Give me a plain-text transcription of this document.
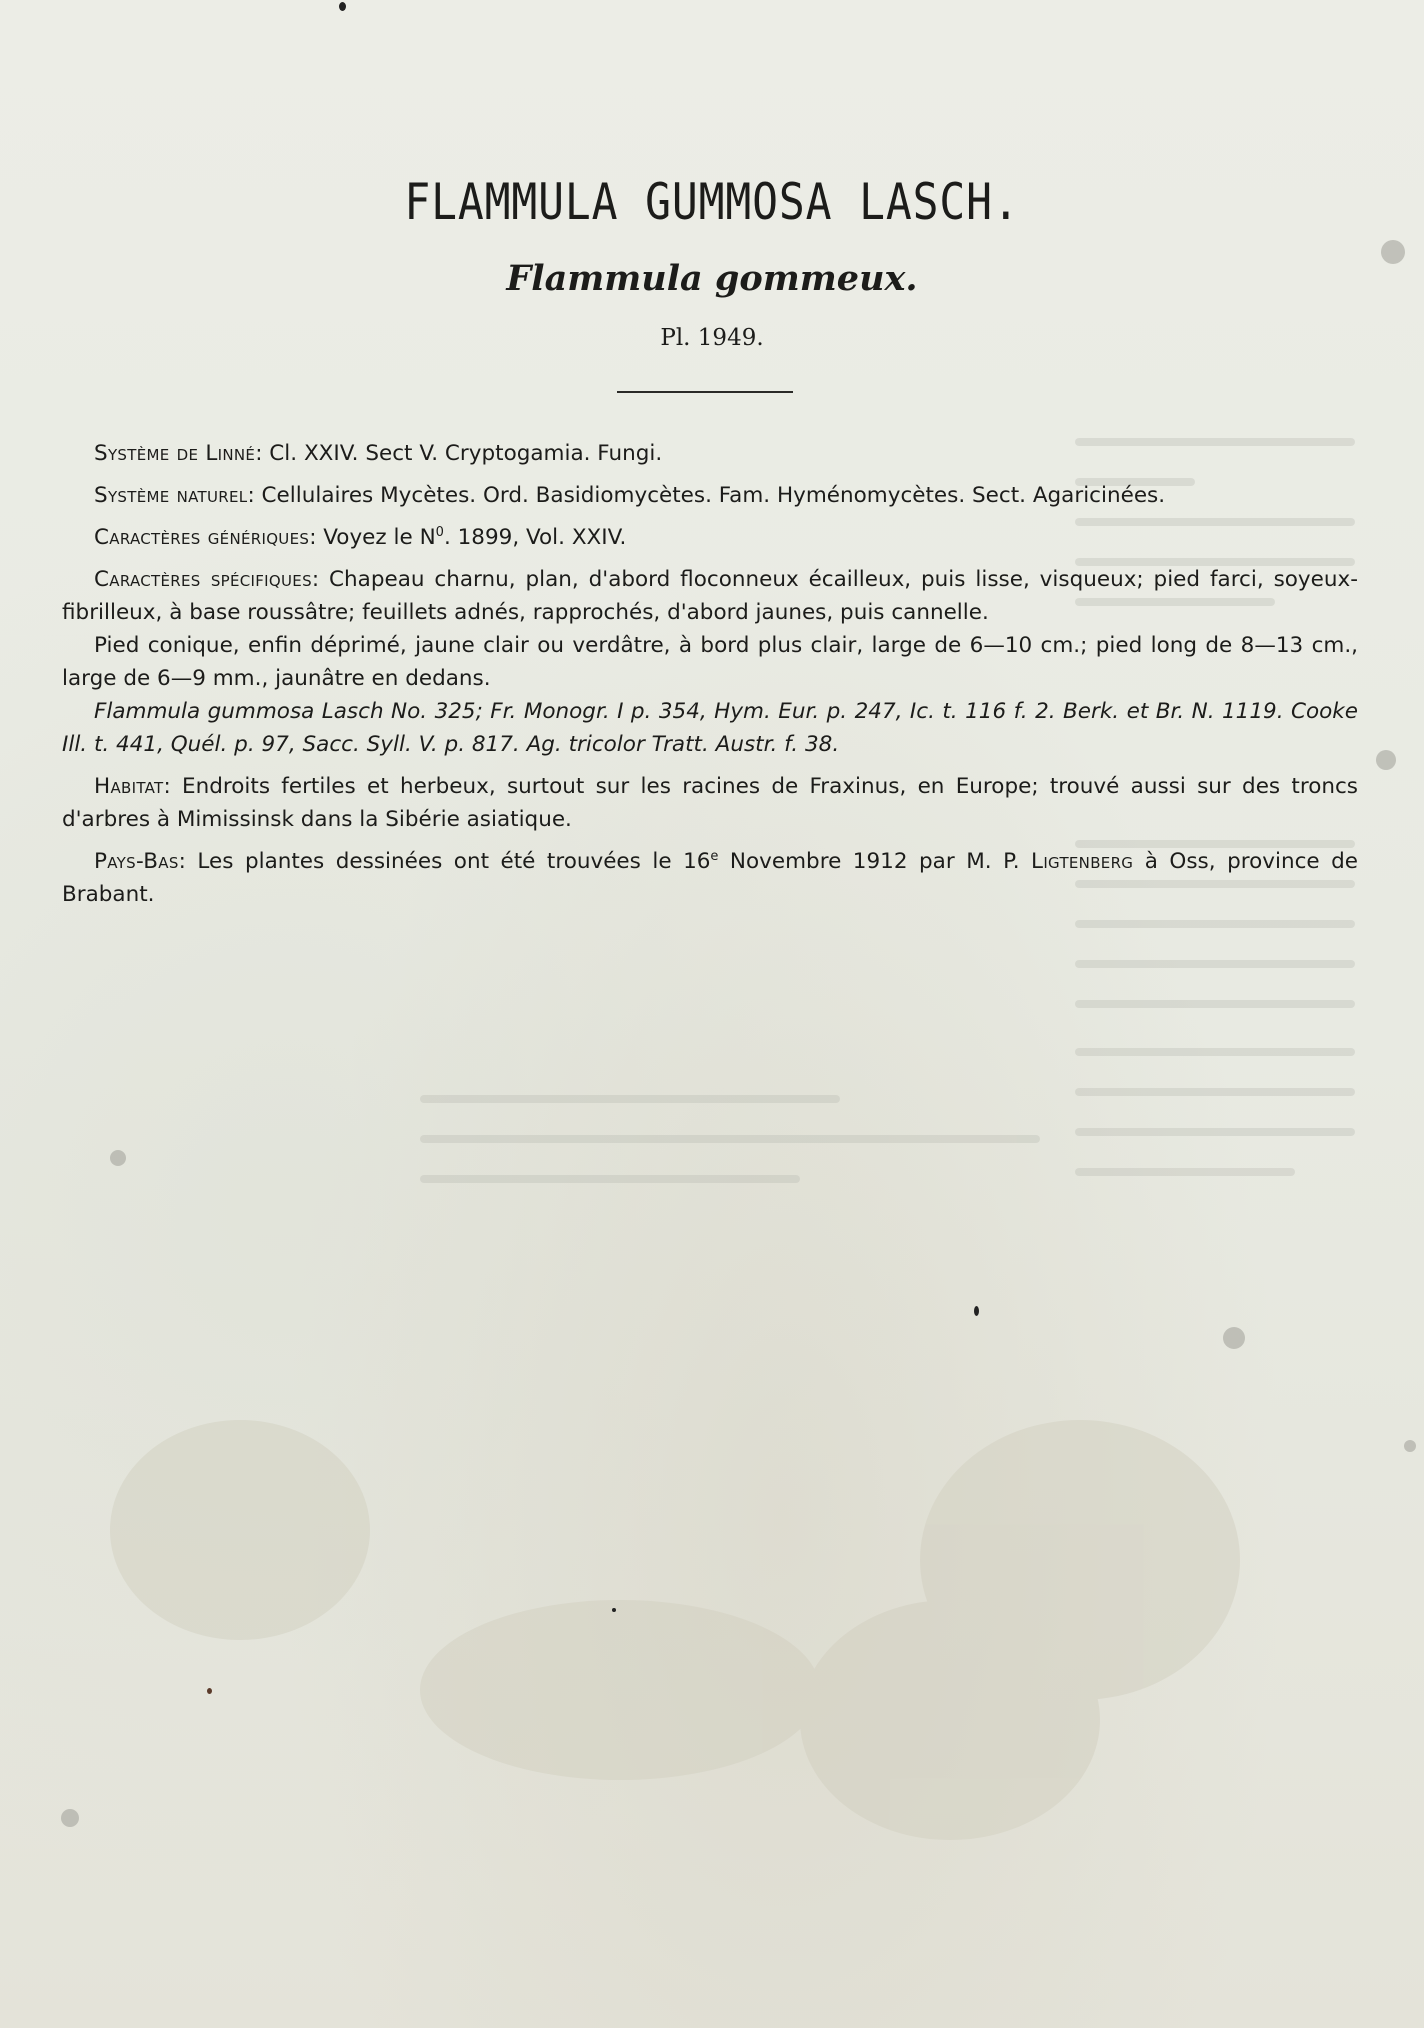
FLAMMULA GUMMOSA LASCH.
Flammula gommeux.
Pl. 1949.

Système de Linné: Cl. XXIV. Sect V. Cryptogamia. Fungi.

Système naturel: Cellulaires Mycètes. Ord. Basidiomycètes. Fam. Hyménomycètes. Sect. Agaricinées.

Caractères génériques: Voyez le $N^0$. 1899, Vol. XXIV.

Caractères spécifiques: Chapeau charnu, plan, d'abord floconneux écailleux, puis lisse, visqueux; pied farci, soyeux-fibrilleux, à base roussâtre; feuillets adnés, rapprochés, d'abord jaunes, puis cannelle.

Pied conique, enfin déprimé, jaune clair ou verdâtre, à bord plus clair, large de 6—10 cm.; pied long de 8—13 cm., large de 6—9 mm., jaunâtre en dedans.

Flammula gummosa Lasch No. 325; Fr. Monogr. I p. 354, Hym. Eur. p. 247, Ic. t. 116 f. 2. Berk. et Br. N. 1119. Cooke Ill. t. 441, Quél. p. 97, Sacc. Syll. V. p. 817. Ag. tricolor Tratt. Austr. f. 38.

Habitat: Endroits fertiles et herbeux, surtout sur les racines de Fraxinus, en Europe; trouvé aussi sur des troncs d'arbres à Mimissinsk dans la Sibérie asiatique.

Pays-Bas: Les plantes dessinées ont été trouvées le 16e Novembre 1912 par M. P. Ligtenberg à Oss, province de Brabant.
